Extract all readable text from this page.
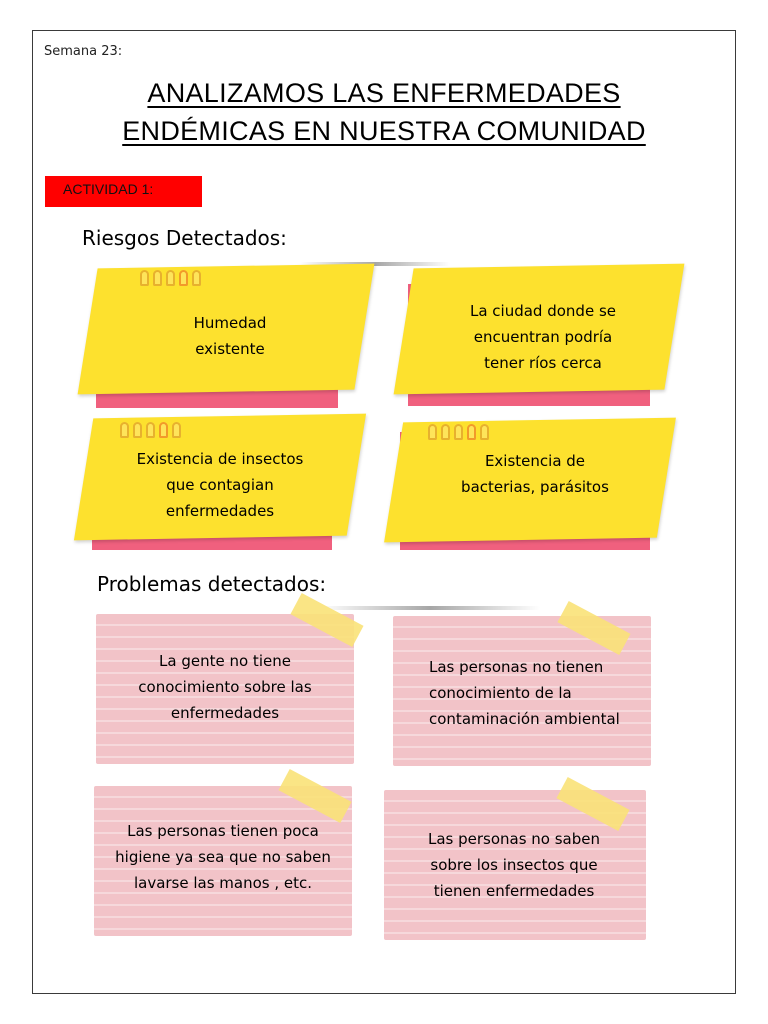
Semana 23:
ANALIZAMOS LAS ENFERMEDADES
ENDÉMICAS EN NUESTRA COMUNIDAD
ACTIVIDAD 1:
Riesgos Detectados:
Humedad
existente
La ciudad donde se
encuentran podría
tener ríos cerca
Existencia de insectos
que contagian
enfermedades
Existencia de
bacterias, parásitos
Problemas detectados:
La gente no tiene
conocimiento sobre las
enfermedades
Las personas no tienen
conocimiento de la
contaminación ambiental
Las personas tienen poca
higiene ya sea que no saben
lavarse las manos , etc.
Las personas no saben
sobre los insectos que
tienen enfermedades
